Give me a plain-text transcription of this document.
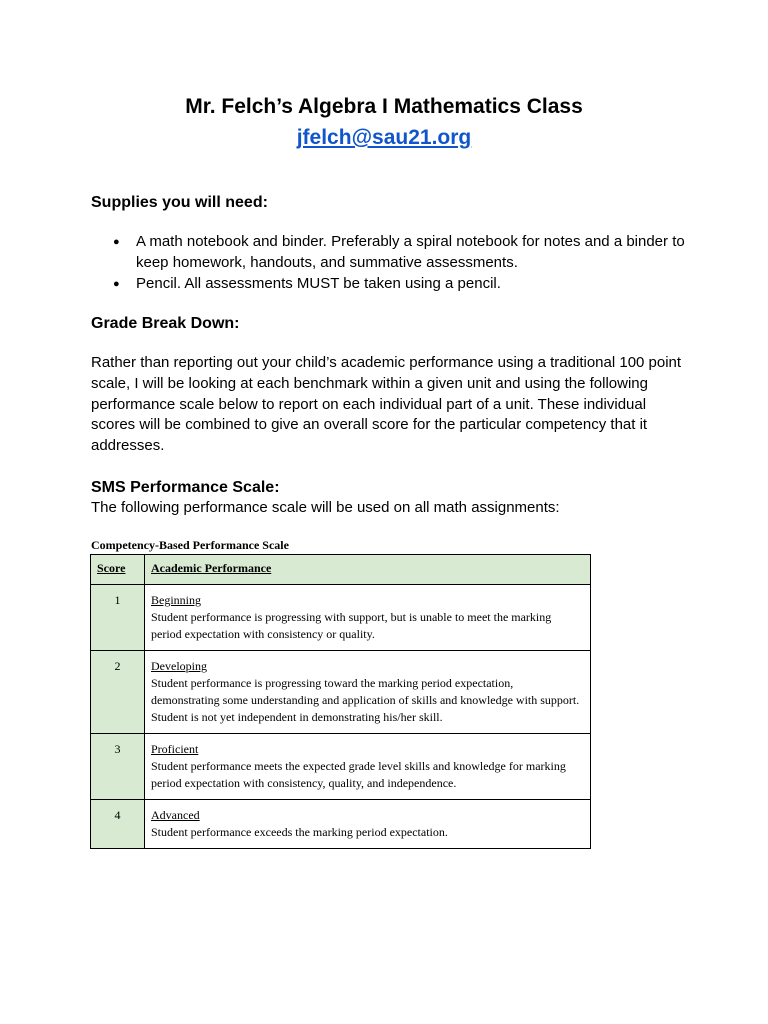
Mr. Felch’s Algebra I Mathematics Class
jfelch@sau21.org
Supplies you will need:
● A math notebook and binder. Preferably a spiral notebook for notes and a binder to keep homework, handouts, and summative assessments.
● Pencil. All assessments MUST be taken using a pencil.
Grade Break Down:
Rather than reporting out your child’s academic performance using a traditional 100 point scale, I will be looking at each benchmark within a given unit and using the following performance scale below to report on each individual part of a unit. These individual scores will be combined to give an overall score for the particular competency that it addresses.
SMS Performance Scale:
The following performance scale will be used on all math assignments:
Competency-Based Performance Scale
Score	Academic Performance
1	Beginning
Student performance is progressing with support, but is unable to meet the marking period expectation with consistency or quality.
2	Developing
Student performance is progressing toward the marking period expectation, demonstrating some understanding and application of skills and knowledge with support. Student is not yet independent in demonstrating his/her skill.
3	Proficient
Student performance meets the expected grade level skills and knowledge for marking period expectation with consistency, quality, and independence.
4	Advanced
Student performance exceeds the marking period expectation.
